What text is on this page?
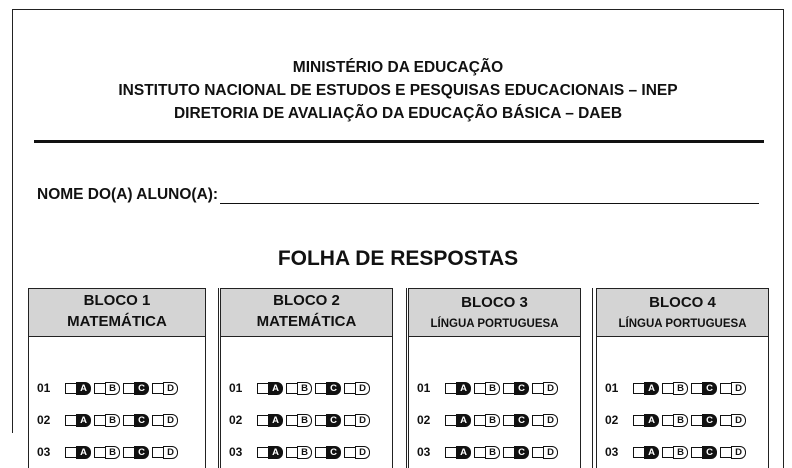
MINISTÉRIO DA EDUCAÇÃO
INSTITUTO NACIONAL DE ESTUDOS E PESQUISAS EDUCACIONAIS – INEP
DIRETORIA DE AVALIAÇÃO DA EDUCAÇÃO BÁSICA – DAEB
NOME DO(A) ALUNO(A):
FOLHA DE RESPOSTAS
BLOCO 1
MATEMÁTICA
01	A	B	C	D
02	A	B	C	D
03	A	B	C	D
BLOCO 2
MATEMÁTICA
01	A	B	C	D
02	A	B	C	D
03	A	B	C	D
BLOCO 3
LÍNGUA PORTUGUESA
01	A	B	C	D
02	A	B	C	D
03	A	B	C	D
BLOCO 4
LÍNGUA PORTUGUESA
01	A	B	C	D
02	A	B	C	D
03	A	B	C	D
